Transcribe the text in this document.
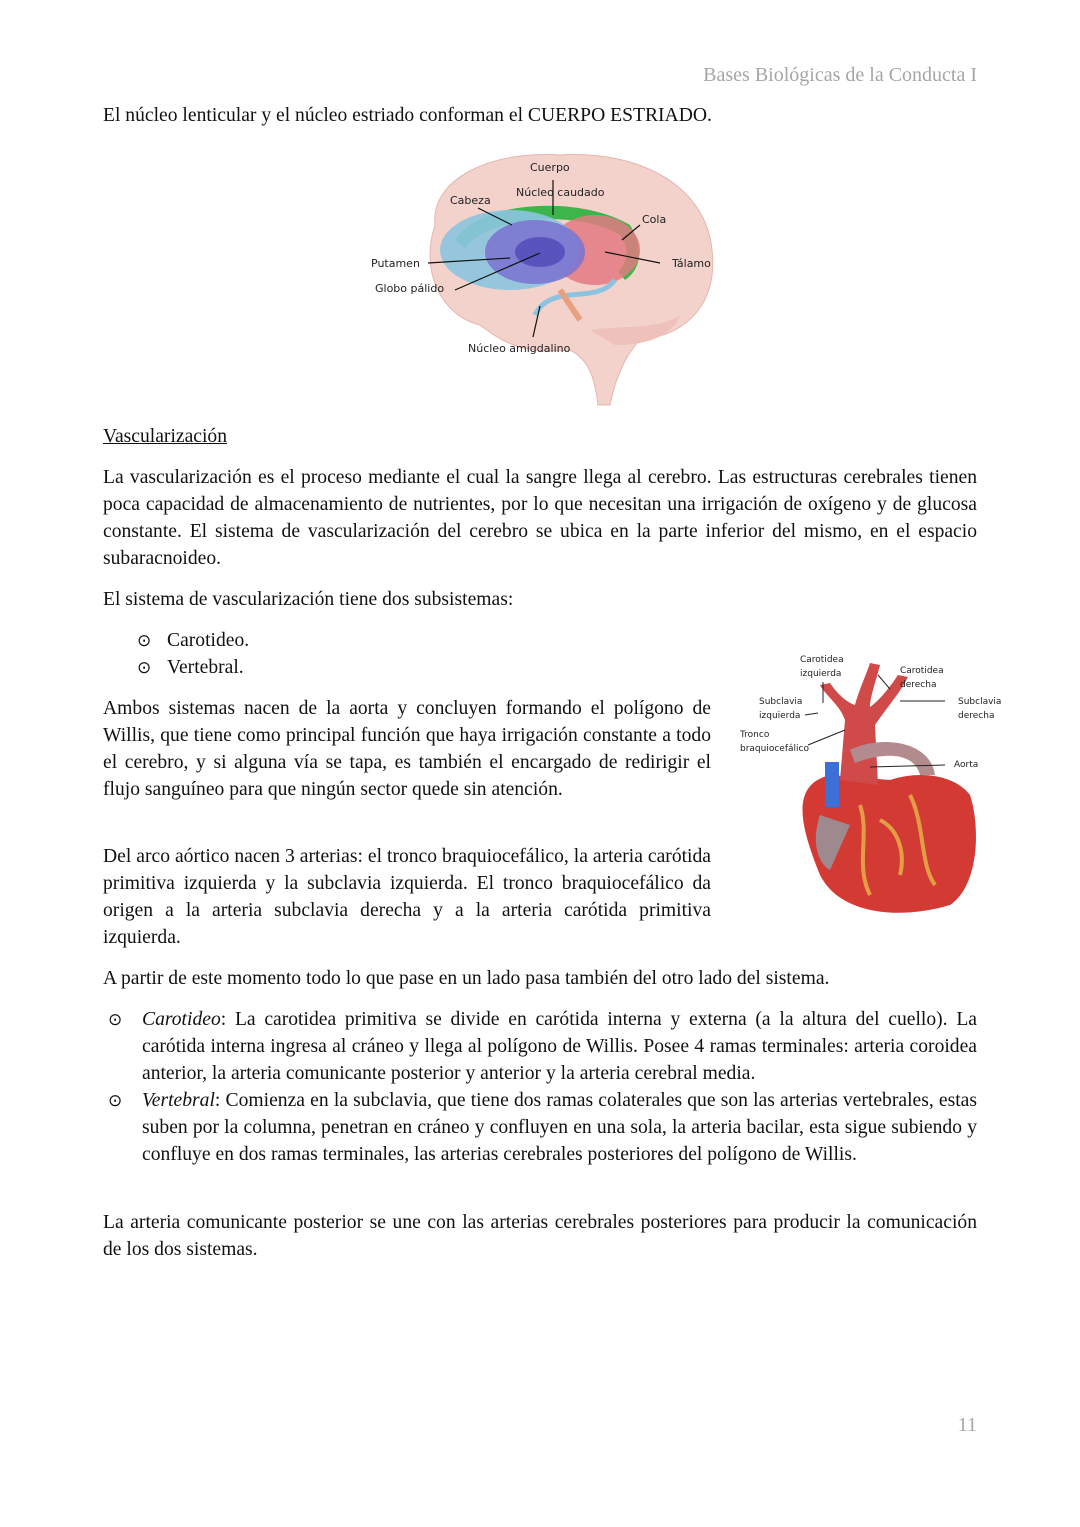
Bases Biológicas de la Conducta I

El núcleo lenticular y el núcleo estriado conforman el CUERPO ESTRIADO.

Cuerpo
Núcleo caudado
Cabeza
Cola
Putamen	Tálamo
Globo pálido
Núcleo amigdalino
Vascularización

La vascularización es el proceso mediante el cual la sangre llega al cerebro. Las estructuras cerebrales tienen poca capacidad de almacenamiento de nutrientes, por lo que necesitan una irrigación de oxígeno y de glucosa constante. El sistema de vascularización del cerebro se ubica en la parte inferior del mismo, en el espacio subaracnoideo.

El sistema de vascularización tiene dos subsistemas:

⊙ Carotideo.
⊙ Vertebral.

Ambos sistemas nacen de la aorta y concluyen formando el polígono de Willis, que tiene como principal función que haya irrigación constante a todo el cerebro, y si alguna vía se tapa, es también el encargado de redirigir el flujo sanguíneo para que ningún sector quede sin atención.

Del arco aórtico nacen 3 arterias: el tronco braquiocefálico, la arteria carótida primitiva izquierda y la subclavia izquierda. El tronco braquiocefálico da origen a la arteria subclavia derecha y a la arteria carótida primitiva izquierda.

Carotidea
izquierda	Carotidea
derecha
Subclavia
izquierda
Subclavia
derecha
Tronco
braquiocefálico
Aorta

A partir de este momento todo lo que pase en un lado pasa también del otro lado del sistema.

⊙ Carotideo: La carotidea primitiva se divide en carótida interna y externa (a la altura del cuello). La carótida interna ingresa al cráneo y llega al polígono de Willis. Posee 4 ramas terminales: arteria coroidea anterior, la arteria comunicante posterior y anterior y la arteria cerebral media.
⊙ Vertebral: Comienza en la subclavia, que tiene dos ramas colaterales que son las arterias vertebrales, estas suben por la columna, penetran en cráneo y confluyen en una sola, la arteria bacilar, esta sigue subiendo y confluye en dos ramas terminales, las arterias cerebrales posteriores del polígono de Willis.

La arteria comunicante posterior se une con las arterias cerebrales posteriores para producir la comunicación de los dos sistemas.

11
